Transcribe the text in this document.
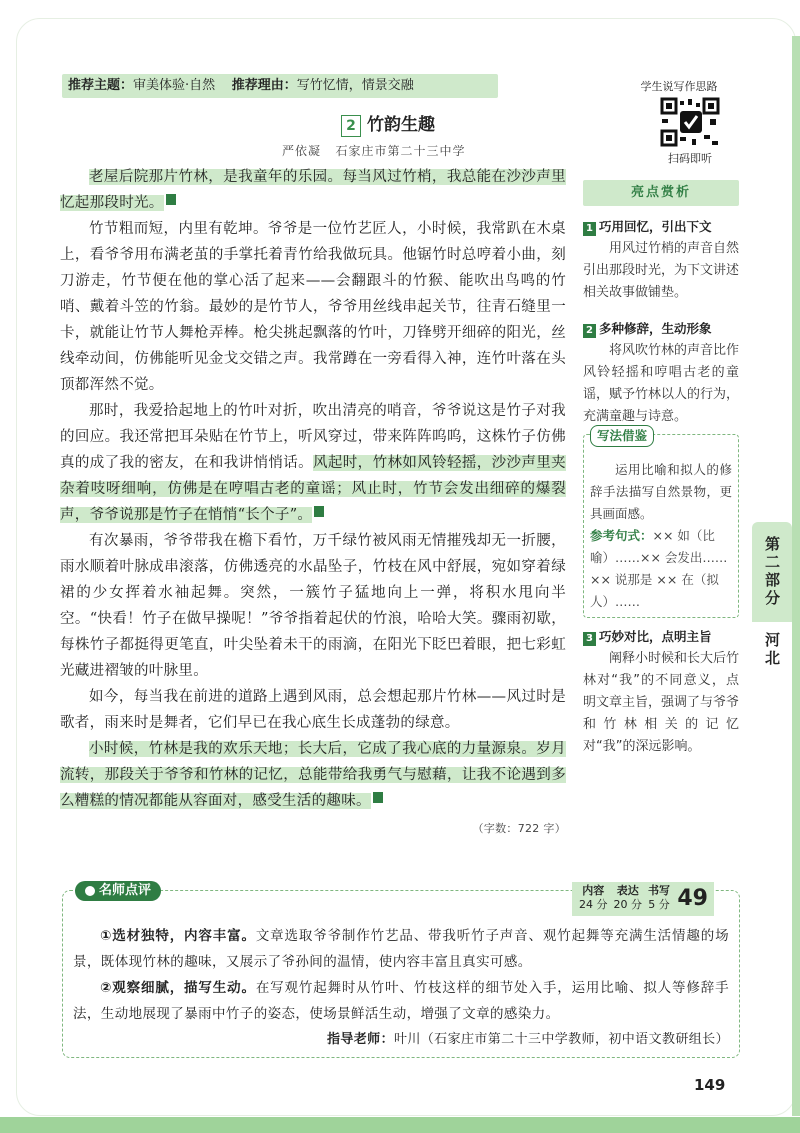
推荐主题：审美体验·自然 推荐理由：写竹忆情，情景交融	学生说写作思路
扫码即听
2 竹韵生趣
严依凝 石家庄市第二十三中学

老屋后院那片竹林，是我童年的乐园。每当风过竹梢，我总能在沙沙声里忆起那段时光。	1

竹节粗而短，内里有乾坤。爷爷是一位竹艺匠人，小时候，我常趴在木桌上，看爷爷用布满老茧的手掌托着青竹给我做玩具。他锯竹时总哼着小曲，刻刀游走，竹节便在他的掌心活了起来——会翻跟斗的竹猴、能吹出鸟鸣的竹哨、戴着斗笠的竹翁。最妙的是竹节人，爷爷用丝线串起关节，往青石缝里一卡，就能让竹节人舞枪弄棒。枪尖挑起飘落的竹叶，刀锋劈开细碎的阳光，丝线牵动间，仿佛能听见金戈交错之声。我常蹲在一旁看得入神，连竹叶落在头顶都浑然不觉。

那时，我爱拾起地上的竹叶对折，吹出清亮的哨音，爷爷说这是竹子对我的回应。我还常把耳朵贴在竹节上，听风穿过，带来阵阵呜呜，这株竹子仿佛真的成了我的密友，在和我讲悄悄话。风起时，竹林如风铃轻摇，沙沙声里夹杂着吱呀细响，仿佛是在哼唱古老的童谣；风止时，竹节会发出细碎的爆裂声，爷爷说那是竹子在悄悄“长个子”。	2

有次暴雨，爷爷带我在檐下看竹，万千绿竹被风雨无情摧残却无一折腰，雨水顺着叶脉成串滚落，仿佛透亮的水晶坠子，竹枝在风中舒展，宛如穿着绿裙的少女挥着水袖起舞。突然，一簇竹子猛地向上一弹，将积水甩向半空。“快看！竹子在做早操呢！”爷爷指着起伏的竹浪，哈哈大笑。骤雨初歇，每株竹子都挺得更笔直，叶尖坠着未干的雨滴，在阳光下眨巴着眼，把七彩虹光藏进褶皱的叶脉里。

如今，每当我在前进的道路上遇到风雨，总会想起那片竹林——风过时是歌者，雨来时是舞者，它们早已在我心底生长成蓬勃的绿意。

小时候，竹林是我的欢乐天地；长大后，它成了我心底的力量源泉。岁月流转，那段关于爷爷和竹林的记忆，总能带给我勇气与慰藉，让我不论遇到多么糟糕的情况都能从容面对，感受生活的趣味。	3

（字数：722 字）
亮点赏析
1 巧用回忆，引出下文
用风过竹梢的声音自然引出那段时光，为下文讲述相关故事做铺垫。
2 多种修辞，生动形象
将风吹竹林的声音比作风铃轻摇和哼唱古老的童谣，赋予竹林以人的行为，充满童趣与诗意。
写法借鉴
运用比喻和拟人的修辞手法描写自然景物，更具画面感。
参考句式：×× 如（比喻）……×× 会发出……×× 说那是 ×× 在（拟人）……
3 巧妙对比，点明主旨
阐释小时候和长大后竹林对“我”的不同意义，点明文章主旨，强调了与爷爷和竹林相关的记忆对“我”的深远影响。
第二部分
河北
名师点评

①选材独特，内容丰富。文章选取爷爷制作竹艺品、带我听竹子声音、观竹起舞等充满生活情趣的场景，既体现竹林的趣味，又展示了爷孙间的温情，使内容丰富且真实可感。

②观察细腻，描写生动。在写观竹起舞时从竹叶、竹枝这样的细节处入手，运用比喻、拟人等修辞手法，生动地展现了暴雨中竹子的姿态，使场景鲜活生动，增强了文章的感染力。

指导老师：叶川（石家庄市第二十三中学教师，初中语文教研组长）
内容	表达	书写
24 分	20 分	5 分 49
149
